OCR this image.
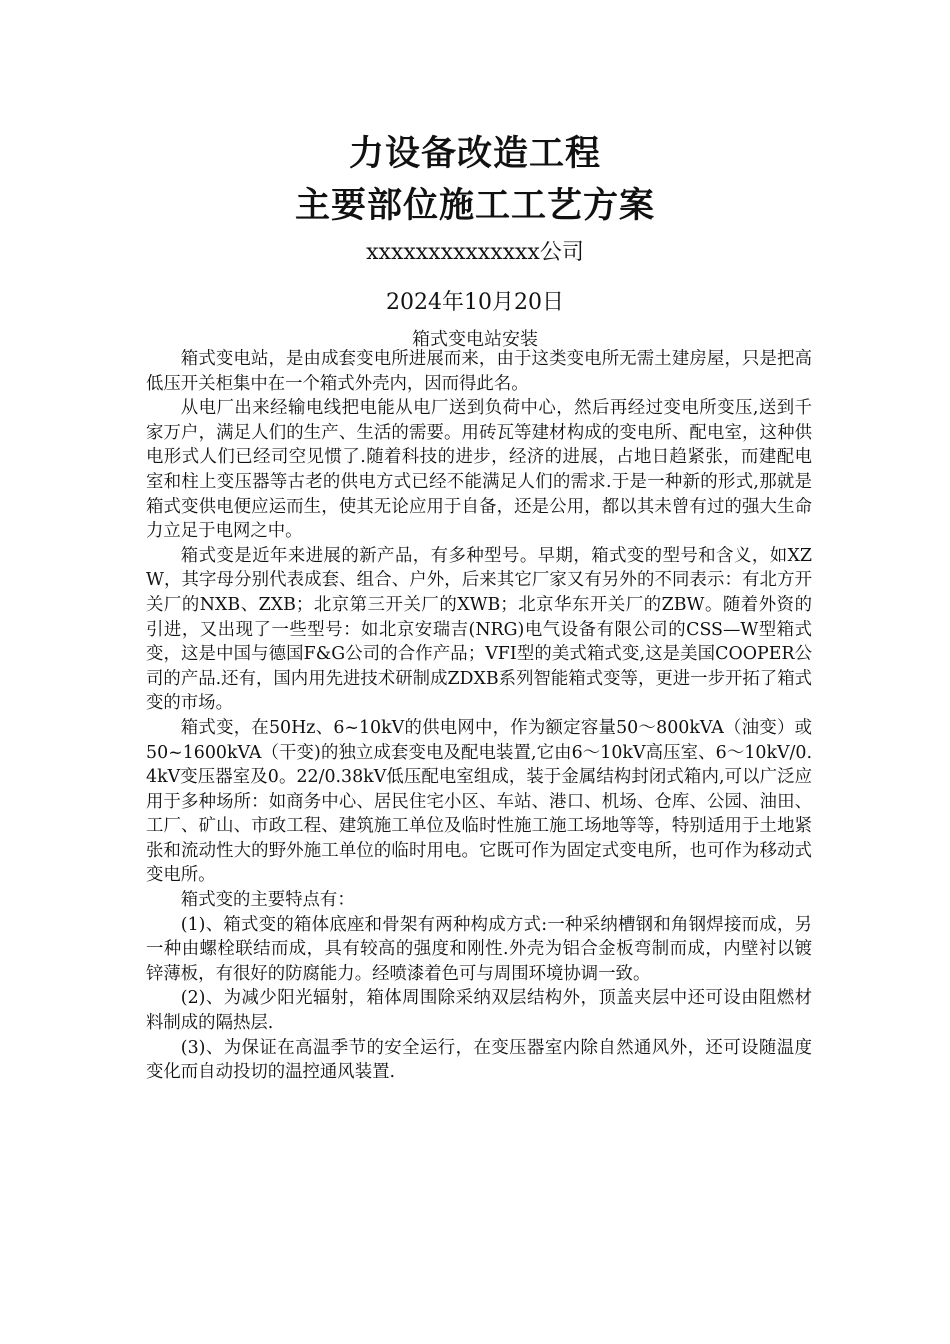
力设备改造工程
主要部位施工工艺方案
xxxxxxxxxxxxxx公司
2024年10月20日
箱式变电站安装

箱式变电站，是由成套变电所进展而来，由于这类变电所无需土建房屋，只是把高低压开关柜集中在一个箱式外壳内，因而得此名。

从电厂出来经输电线把电能从电厂送到负荷中心，然后再经过变电所变压,送到千家万户，满足人们的生产、生活的需要。用砖瓦等建材构成的变电所、配电室，这种供电形式人们已经司空见惯了.随着科技的进步，经济的进展，占地日趋紧张，而建配电室和柱上变压器等古老的供电方式已经不能满足人们的需求.于是一种新的形式,那就是箱式变供电便应运而生，使其无论应用于自备，还是公用，都以其未曾有过的强大生命力立足于电网之中。

箱式变是近年来进展的新产品，有多种型号。早期，箱式变的型号和含义，如XZW，其字母分别代表成套、组合、户外，后来其它厂家又有另外的不同表示：有北方开关厂的NXB、ZXB；北京第三开关厂的XWB；北京华东开关厂的ZBW。随着外资的引进，又出现了一些型号：如北京安瑞吉(NRG)电气设备有限公司的CSS—W型箱式变，这是中国与德国F&G公司的合作产品；VFI型的美式箱式变,这是美国COOPER公司的产品.还有，国内用先进技术研制成ZDXB系列智能箱式变等，更进一步开拓了箱式变的市场。

箱式变，在50Hz、6~10kV的供电网中，作为额定容量50～800kVA（油变）或50~1600kVA（干变)的独立成套变电及配电装置,它由6～10kV高压室、6～10kV/0.4kV变压器室及0。22/0.38kV低压配电室组成，装于金属结构封闭式箱内,可以广泛应用于多种场所：如商务中心、居民住宅小区、车站、港口、机场、仓库、公园、油田、工厂、矿山、市政工程、建筑施工单位及临时性施工施工场地等等，特别适用于土地紧张和流动性大的野外施工单位的临时用电。它既可作为固定式变电所，也可作为移动式变电所。

箱式变的主要特点有：

(1)、箱式变的箱体底座和骨架有两种构成方式:一种采纳槽钢和角钢焊接而成，另一种由螺栓联结而成，具有较高的强度和刚性.外壳为铝合金板弯制而成，内壁衬以镀锌薄板，有很好的防腐能力。经喷漆着色可与周围环境协调一致。

(2)、为减少阳光辐射，箱体周围除采纳双层结构外，顶盖夹层中还可设由阻燃材料制成的隔热层.

(3)、为保证在高温季节的安全运行，在变压器室内除自然通风外，还可设随温度变化而自动投切的温控通风装置.
